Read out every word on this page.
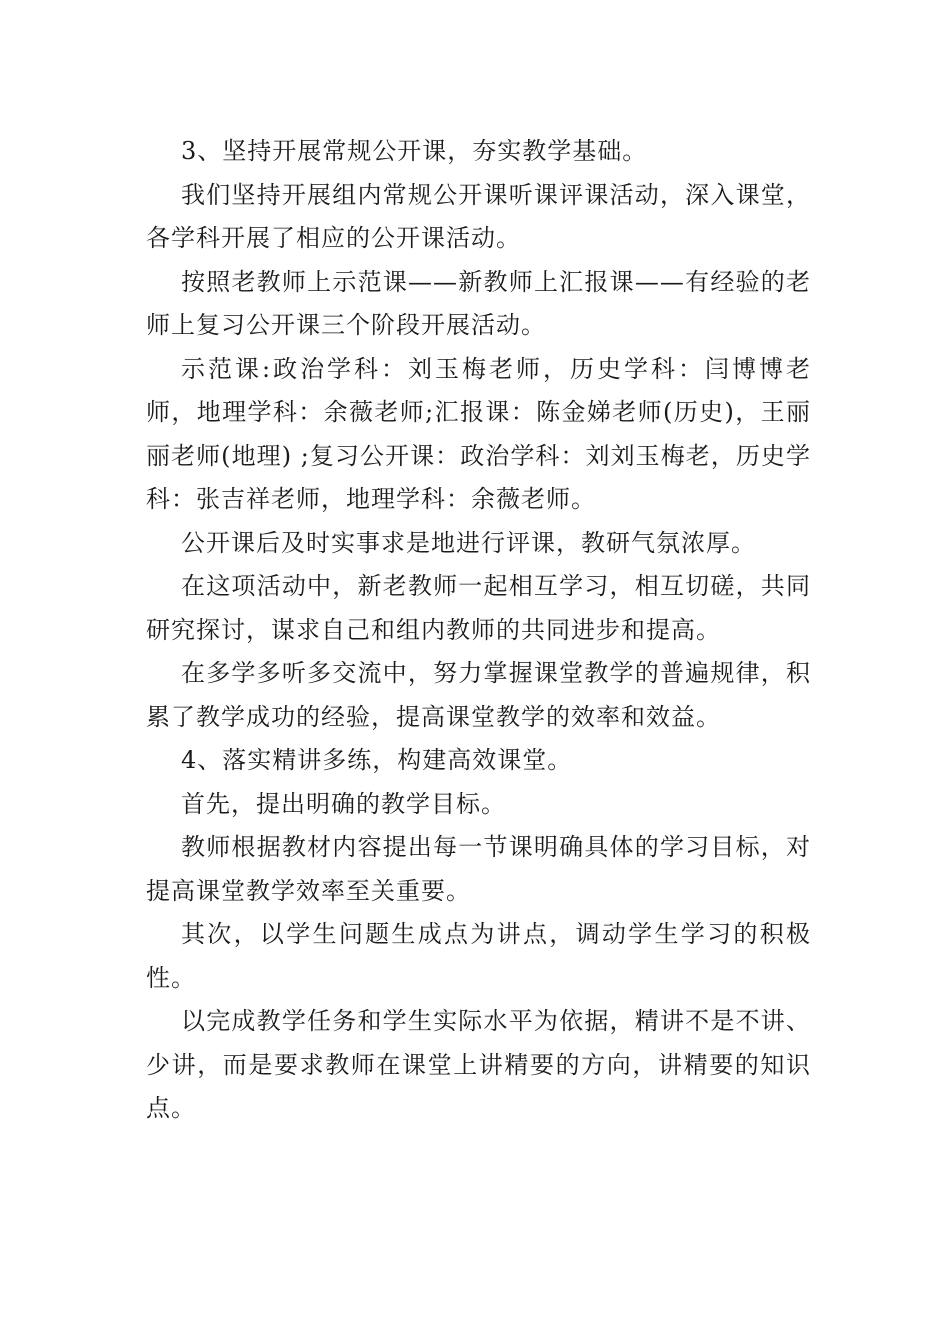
3、坚持开展常规公开课，夯实教学基础。

我们坚持开展组内常规公开课听课评课活动，深入课堂，各学科开展了相应的公开课活动。

按照老教师上示范课——新教师上汇报课——有经验的老师上复习公开课三个阶段开展活动。

示范课:政治学科：刘玉梅老师，历史学科：闫博博老师，地理学科：余薇老师;汇报课：陈金娣老师(历史)，王丽丽老师(地理) ;复习公开课：政治学科：刘刘玉梅老，历史学科：张吉祥老师，地理学科：余薇老师。

公开课后及时实事求是地进行评课，教研气氛浓厚。

在这项活动中，新老教师一起相互学习，相互切磋，共同研究探讨，谋求自己和组内教师的共同进步和提高。

在多学多听多交流中，努力掌握课堂教学的普遍规律，积累了教学成功的经验，提高课堂教学的效率和效益。

4、落实精讲多练，构建高效课堂。

首先，提出明确的教学目标。

教师根据教材内容提出每一节课明确具体的学习目标，对提高课堂教学效率至关重要。

其次，以学生问题生成点为讲点，调动学生学习的积极性。

以完成教学任务和学生实际水平为依据，精讲不是不讲、少讲，而是要求教师在课堂上讲精要的方向，讲精要的知识点。
